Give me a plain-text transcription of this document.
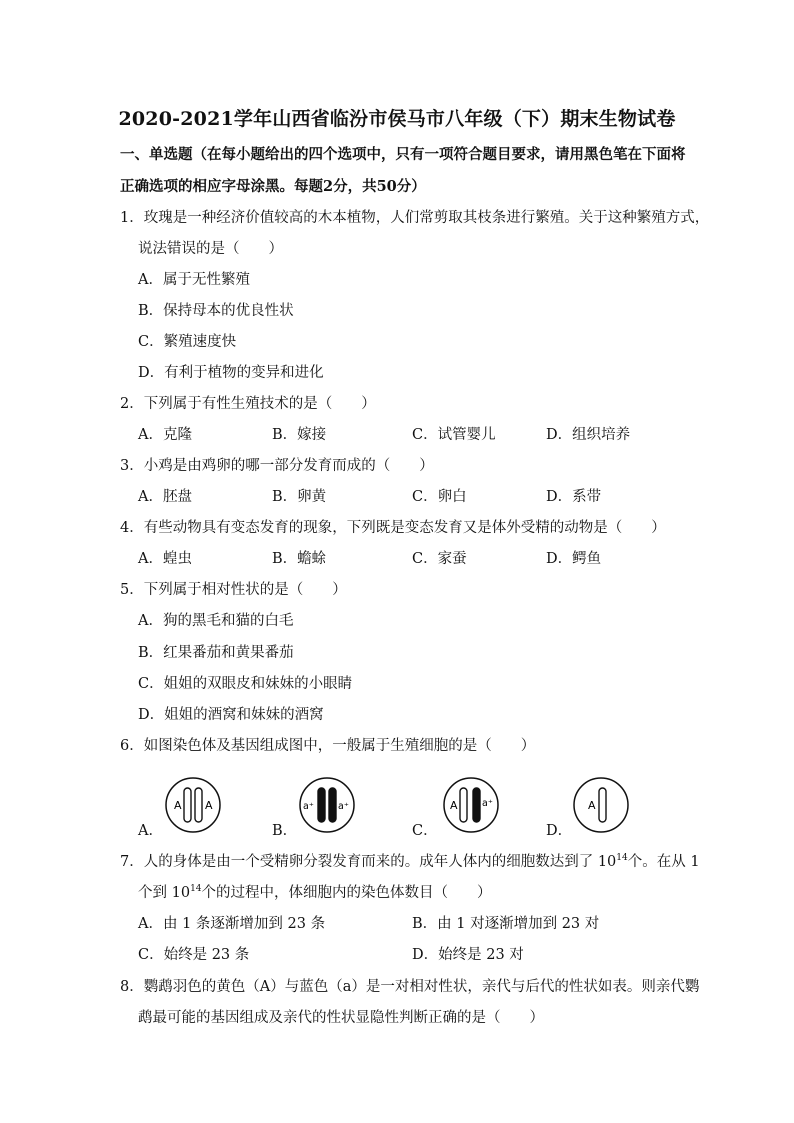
2020-2021学年山西省临汾市侯马市八年级（下）期末生物试卷
一、单选题（在每小题给出的四个选项中，只有一项符合题目要求，请用黑色笔在下面将
正确选项的相应字母涂黑。每题2分，共50分）
1．玫瑰是一种经济价值较高的木本植物，人们常剪取其枝条进行繁殖。关于这种繁殖方式，
说法错误的是（　　）
A．属于无性繁殖
B．保持母本的优良性状
C．繁殖速度快
D．有利于植物的变异和进化
2．下列属于有性生殖技术的是（　　）
A．克隆	B．嫁接	C．试管婴儿	D．组织培养
3．小鸡是由鸡卵的哪一部分发育而成的（　　）
A．胚盘	B．卵黄	C．卵白	D．系带
4．有些动物具有变态发育的现象，下列既是变态发育又是体外受精的动物是（　　）
A．蝗虫	B．蟾蜍	C．家蚕	D．鳄鱼
5．下列属于相对性状的是（　　）
A．狗的黑毛和猫的白毛
B．红果番茄和黄果番茄
C．姐姐的双眼皮和妹妹的小眼睛
D．姐姐的酒窝和妹妹的酒窝
6．如图染色体及基因组成图中，一般属于生殖细胞的是（　　）
A．
A A
B．
a⁺	a⁺
C．
A	a⁺
D．
A
7．人的身体是由一个受精卵分裂发育而来的。成年人体内的细胞数达到了 $10^{14}$个。在从 1
个到 $10^{14}$个的过程中，体细胞内的染色体数目（　　）
A．由 1 条逐渐增加到 23 条	B．由 1 对逐渐增加到 23 对
C．始终是 23 条	D．始终是 23 对
8．鹦鹉羽色的黄色（A）与蓝色（a）是一对相对性状，亲代与后代的性状如表。则亲代鹦
鹉最可能的基因组成及亲代的性状显隐性判断正确的是（　　）
